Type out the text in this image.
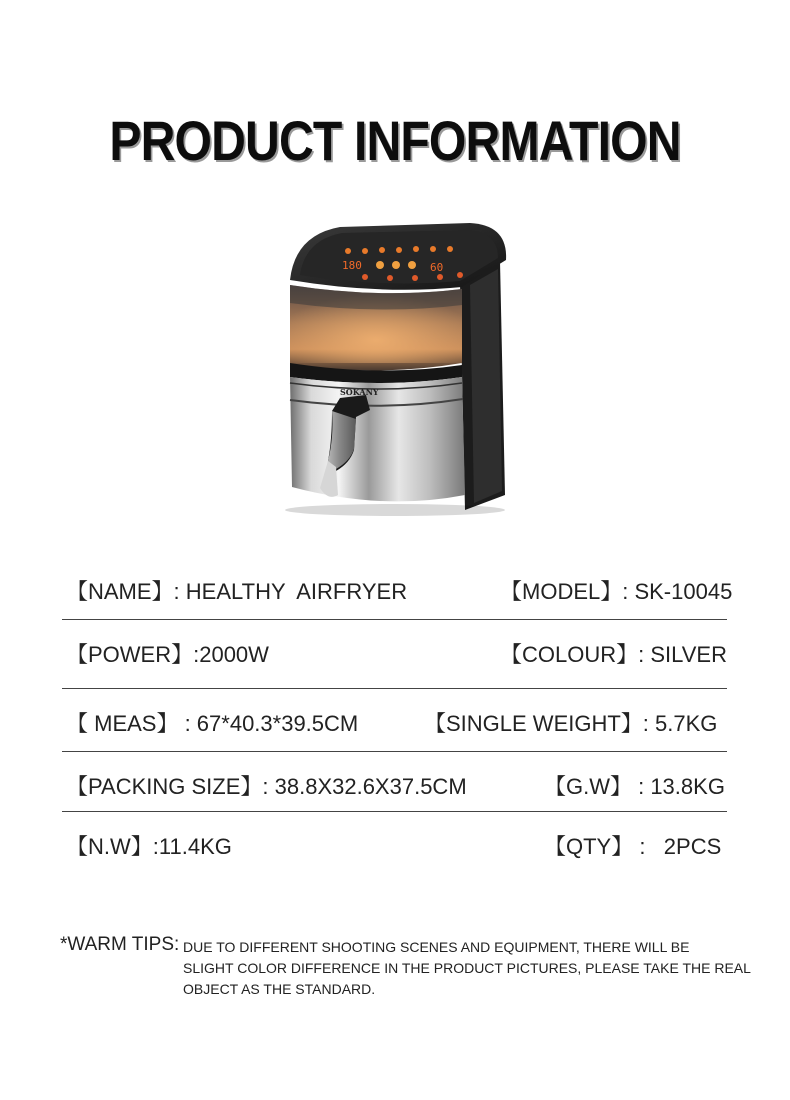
PRODUCT INFORMATION
180	60
SOKANY
【NAME】: HEALTHY  AIRFRYER	【MODEL】: SK-10045
【POWER】:2000W	【COLOUR】: SILVER
【 MEAS】 : 67*40.3*39.5CM	【SINGLE WEIGHT】: 5.7KG
【PACKING SIZE】: 38.8X32.6X37.5CM	【G.W】 : 13.8KG
【N.W】:11.4KG	【QTY】 :   2PCS
*WARM TIPS: DUE TO DIFFERENT SHOOTING SCENES AND EQUIPMENT, THERE WILL BE
SLIGHT COLOR DIFFERENCE IN THE PRODUCT PICTURES, PLEASE TAKE THE REAL
OBJECT AS THE STANDARD.
